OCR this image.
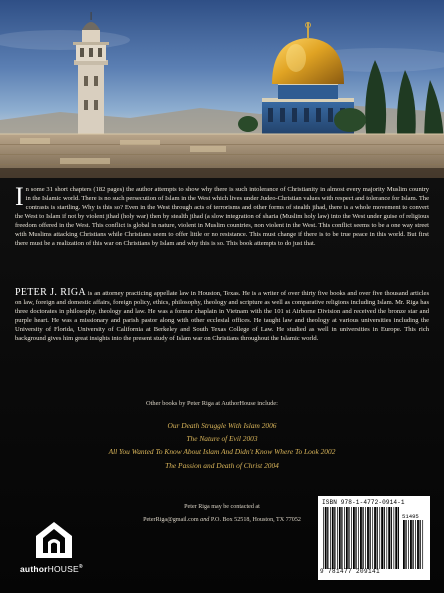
In some 31 short chapters (182 pages) the author attempts to show why there is such intolerance of Christianity in almost every majority Muslim country in the Islamic world. There is no such persecution of Islam in the West which lives under Judeo-Christian values with respect and tolerance for Islam. The contrasts is startling. Why is this so? Even in the West through acts of terrorisms and other forms of stealth jihad, there is a whole movement to convert the West to Islam if not by violent jihad (holy war) then by stealth jihad (a slow integration of sharia (Muslim holy law) into the West under guise of religious freedom offered in the West. This conflict is global in nature, violent in Muslim countries, non violent in the West. This conflict seems to be a one way street with Muslims attacking Christians while Christians seem to offer little or no resistance. This must change if there is to be true peace in this world. But first there must be a realization of this war on Christians by Islam and why this is so. This book attempts to do just that.

PETER J. RIGA is an attorney practicing appellate law in Houston, Texas. He is a writer of over thirty five books and over five thousand articles on law, foreign and domestic affairs, foreign policy, ethics, philosophy, theology and scripture as well as comparative religions including Islam. Mr. Riga has three doctorates in philosophy, theology and law. He was a former chaplain in Vietnam with the 101 st Airborne Division and received the bronze star and purple heart. He was a missionary and parish pastor along with other ecclesial offices. He taught law and theology at various universities including the University of Florida, University of California at Berkeley and South Texas College of Law. He studied as well in universities in Europe. This rich background gives him great insights into the present study of Islam war on Christians throughout the Islamic world.

Other books by Peter Riga at AuthorHouse include:
Our Death Struggle With Islam 2006
The Nature of Evil 2003
All You Wanted To Know About Islam And Didn't Know Where To Look 2002
The Passion and Death of Christ 2004
Peter Riga may be contacted at
PeterRiga@gmail.com and P.O. Box 52518, Houston, TX 77052
authorHOUSE®
ISBN 978-1-4772-0914-1
51495
9 781477 209141
